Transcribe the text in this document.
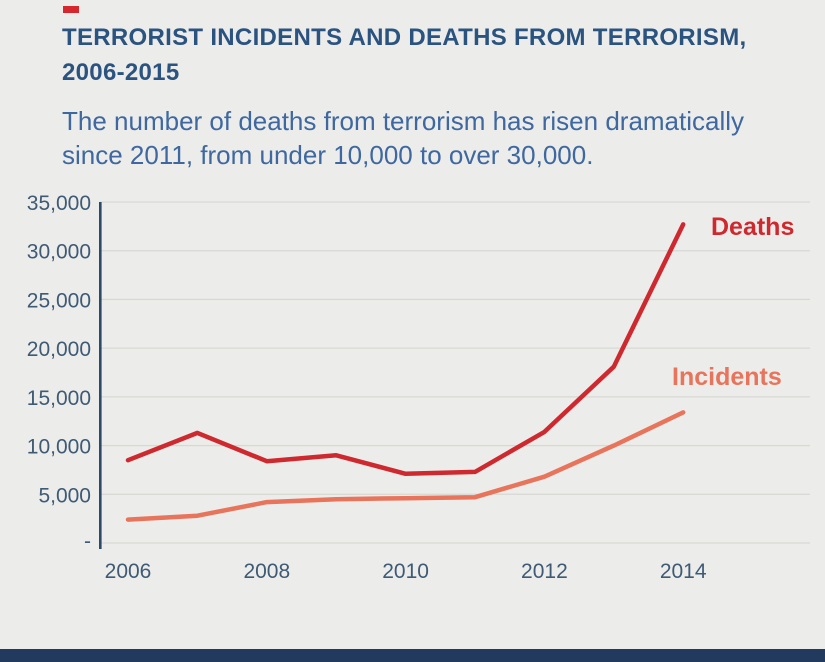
TERRORIST INCIDENTS AND DEATHS FROM TERRORISM,
2006-2015

The number of deaths from terrorism has risen dramatically
since 2011, from under 10,000 to over 30,000.

-
5,000
10,000
15,000
20,000
25,000
30,000
35,000
2006	2008	2010	2012	2014
Deaths
Incidents
